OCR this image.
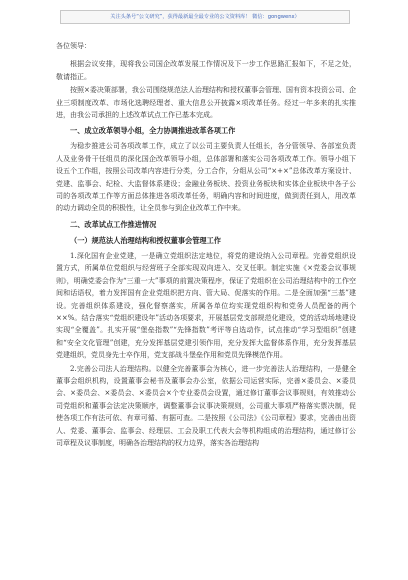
关注头条号“公文研究”，获得最新最全最专业的公文资料库！ 微信：gongwenx）

各位领导：

根据会议安排，现将我公司国企改革发展工作情况及下一步工作思路汇报如下，不足之处，敬请指正。

按照×委决策部署，我公司围绕规范法人治理结构和授权董事会管理、国有资本投资公司、企业三项制度改革、市场化选聘经理者、重大信息公开披露×项改革任务。经过一年多来的扎实推进，由我公司承担的上述改革试点工作已基本完成。

一、成立改革领导小组，全力协调推进改革各项工作

为稳步推进公司各项改革工作，成立了以公司主要负责人任组长，各分管领导、各部室负责人及业务骨干任组员的深化国企改革领导小组，总体部署和落实公司各项改革工作。领导小组下设五个工作组，按照公司改革内容进行分类，分工合作，分组从公司“×+×”总体改革方案设计、党建、监事会、纪检、大监督体系建设；金融业务板块、投资业务板块和实体企业板块中各子公司的各项改革工作等方面总体推进各项改革任务，明确内容和时间进度，做到责任到人，用改革的动力调动全员的积极性，让全员参与到企业改革工作中来。

二、改革试点工作推进情况

（一）规范法人治理结构和授权董事会管理工作

1.深化国有企业党建，一是确立党组织法定地位，将党的建设纳入公司章程。完善党组织设置方式，所属单位党组织与经营班子全部实现双向进入、交叉任职。制定实施《×党委会议事规则》，明确党委会作为“三重一大”事项的前置决策程序，保证了党组织在公司治理结构中的工作空间和话语权，着力发挥国有企业党组织把方向、管大局、促落实的作用。二是全面加强“三基”建设。完善组织体系建设，强化督察落实，所属各单位均实现党组织构和党务人员配备的两个××%。结合落实“党组织建设年”活动各项要求，开展基层党支部规范化建设，党的活动场地建设实现“全覆盖”。扎实开展“堡垒指数”“先锋指数”考评等自选动作，试点推动“学习型组织”创建和“安全文化管理”创建，充分发挥基层党建引领作用，充分发挥大监督体系作用，充分发挥基层党建组织，党员身先士卒作用，党支部战斗堡垒作用和党员先锋模范作用。

2.完善公司法人治理结构。以健全完善董事会为核心，进一步完善法人治理结构，一是健全董事会组织机构，设置董事会秘书及董事会办公室，依据公司运营实际，完善×委员会、×委员会、×委员会、×委员会、×委员会×个专业委员会设置，通过修订董事会议事规则，有效推动公司党组织和董事会法定决策顺序，调整董事会议事决策规则，公司重大事项严格落实票决制，促使各项工作有法可依、有章可循、有据可查。二是按照《公司法》《公司章程》要求，完善由出资人、党委、董事会、监事会、经理层、工会及职工代表大会等机构组成的治理结构，通过修订公司章程及议事制度，明确各治理结构的权力边界，落实各治理结构
